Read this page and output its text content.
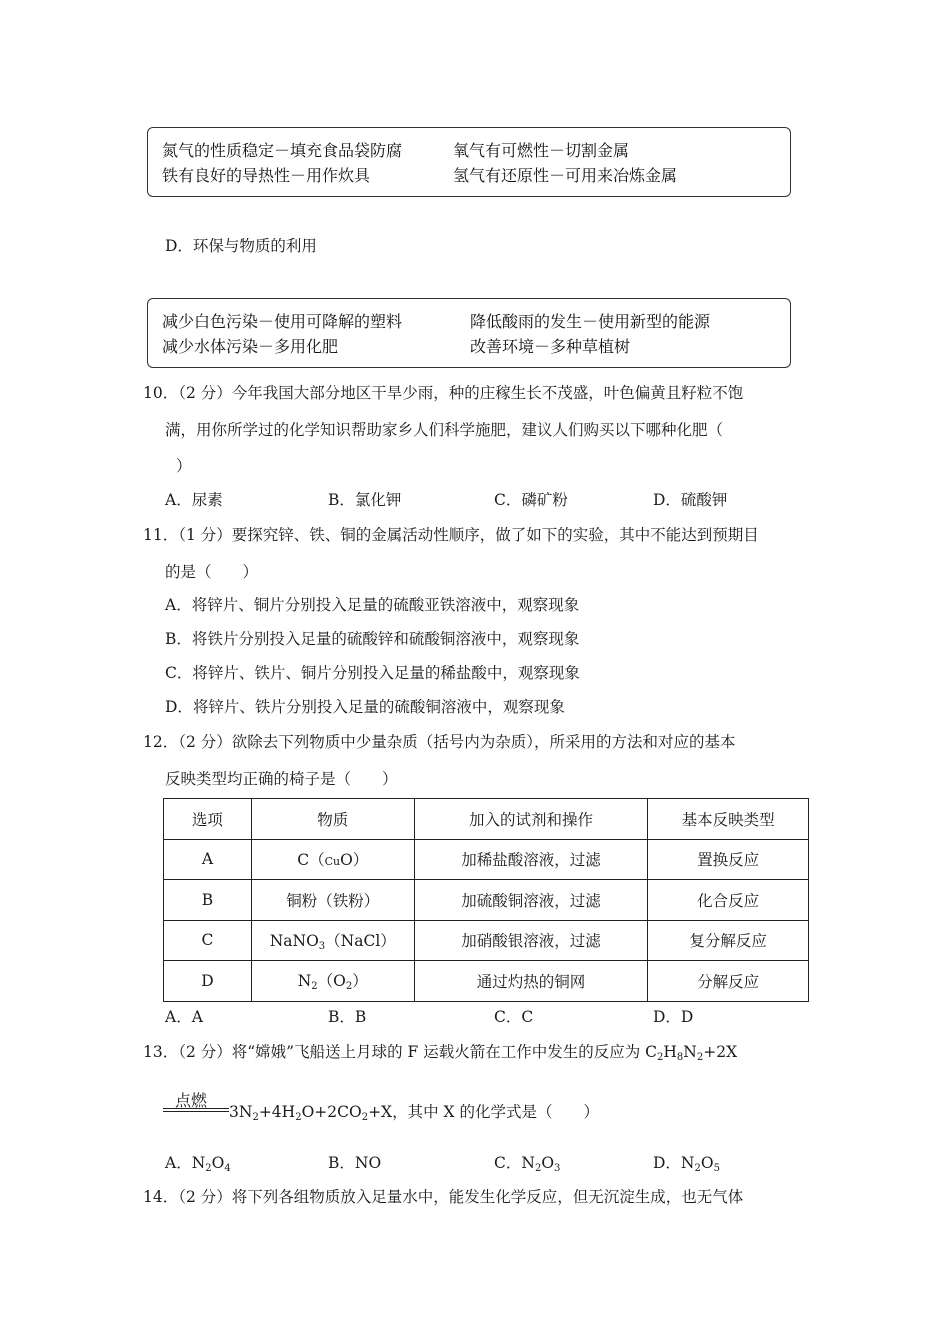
氮气的性质稳定－填充食品袋防腐	氧气有可燃性－切割金属
铁有良好的导热性－用作炊具	氢气有还原性－可用来冶炼金属
D．环保与物质的利用
减少白色污染－使用可降解的塑料	降低酸雨的发生－使用新型的能源
减少水体污染－多用化肥	改善环境－多种草植树
10．（2 分）今年我国大部分地区干旱少雨，种的庄稼生长不茂盛，叶色偏黄且籽粒不饱
满，用你所学过的化学知识帮助家乡人们科学施肥，建议人们购买以下哪种化肥（
）
A．尿素	B．氯化钾	C．磷矿粉	D．硫酸钾
11．（1 分）要探究锌、铁、铜的金属活动性顺序，做了如下的实验，其中不能达到预期目
的是（　　）
A．将锌片、铜片分别投入足量的硫酸亚铁溶液中，观察现象
B．将铁片分别投入足量的硫酸锌和硫酸铜溶液中，观察现象
C．将锌片、铁片、铜片分别投入足量的稀盐酸中，观察现象
D．将锌片、铁片分别投入足量的硫酸铜溶液中，观察现象
12．（2 分）欲除去下列物质中少量杂质（括号内为杂质），所采用的方法和对应的基本
反映类型均正确的椅子是（　　）
选项	物质	加入的试剂和操作	基本反映类型
A	C（CuO）	加稀盐酸溶液，过滤	置换反应
B	铜粉（铁粉）	加硫酸铜溶液，过滤	化合反应
C	NaNO$_3$（NaCl）	加硝酸银溶液，过滤	复分解反应
D	$N_2(O_2)$	通过灼热的铜网	分解反应
A．A	B．B	C．C	D．D
13．（2 分）将“嫦娥”飞船送上月球的 F 运载火箭在工作中发生的反应为 $C_2H_8N_2+2X$
点燃
$3N_2+4H_2O+2CO_2+X$，其中 X 的化学式是（　　）
A．$N_2O_4$	B．NO	C．$N_2O_3$	D．$N_2O_5$
14．（2 分）将下列各组物质放入足量水中，能发生化学反应，但无沉淀生成，也无气体
